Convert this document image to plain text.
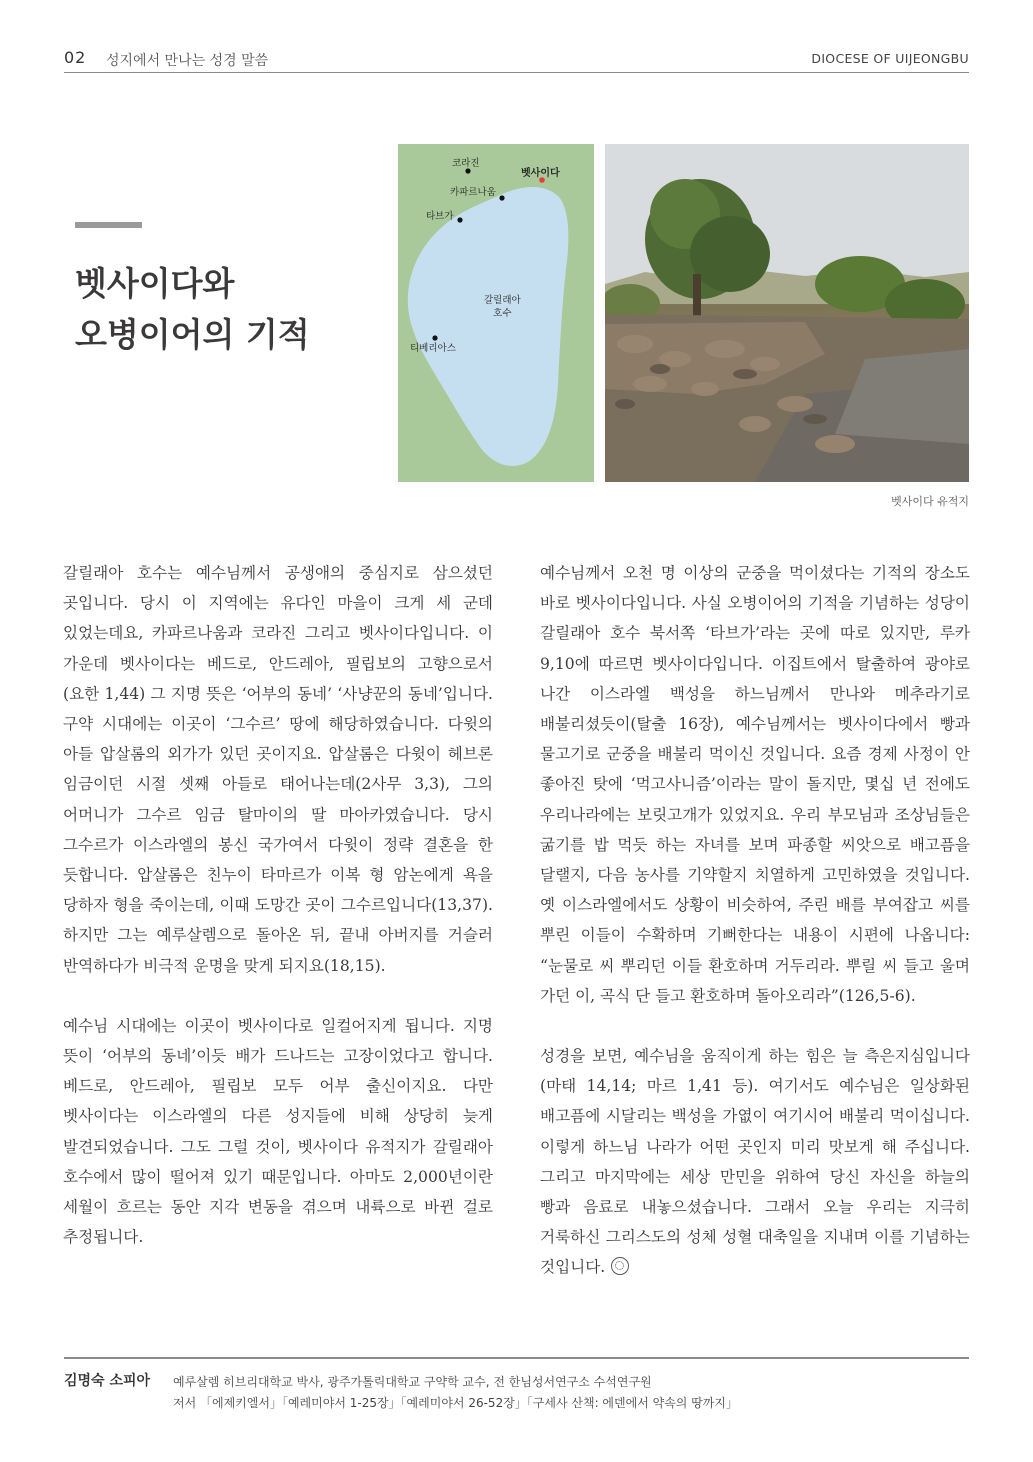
02 성지에서 만나는 성경 말씀	DIOCESE OF UIJEONGBU
벳사이다와
오병이어의 기적
코라진
벳사이다
카파르나움
타브가
갈릴래아
호수
티베리아스
벳사이다 유적지

갈릴래아 호수는 예수님께서 공생애의 중심지로 삼으셨던 곳입니다. 당시 이 지역에는 유다인 마을이 크게 세 군데 있었는데요, 카파르나움과 코라진 그리고 벳사이다입니다. 이 가운데 벳사이다는 베드로, 안드레아, 필립보의 고향으로서(요한 1,44) 그 지명 뜻은 ‘어부의 동네’ ‘사냥꾼의 동네’입니다. 구약 시대에는 이곳이 ‘그수르’ 땅에 해당하였습니다. 다윗의 아들 압살롬의 외가가 있던 곳이지요. 압살롬은 다윗이 헤브론 임금이던 시절 셋째 아들로 태어나는데(2사무 3,3), 그의 어머니가 그수르 임금 탈마이의 딸 마아카였습니다. 당시 그수르가 이스라엘의 봉신 국가여서 다윗이 정략 결혼을 한 듯합니다. 압살롬은 친누이 타마르가 이복 형 암논에게 욕을 당하자 형을 죽이는데, 이때 도망간 곳이 그수르입니다(13,37). 하지만 그는 예루살렘으로 돌아온 뒤, 끝내 아버지를 거슬러 반역하다가 비극적 운명을 맞게 되지요(18,15).

예수님 시대에는 이곳이 벳사이다로 일컬어지게 됩니다. 지명 뜻이 ‘어부의 동네’이듯 배가 드나드는 고장이었다고 합니다. 베드로, 안드레아, 필립보 모두 어부 출신이지요. 다만 벳사이다는 이스라엘의 다른 성지들에 비해 상당히 늦게 발견되었습니다. 그도 그럴 것이, 벳사이다 유적지가 갈릴래아 호수에서 많이 떨어져 있기 때문입니다. 아마도 2,000년이란 세월이 흐르는 동안 지각 변동을 겪으며 내륙으로 바뀐 걸로 추정됩니다.

예수님께서 오천 명 이상의 군중을 먹이셨다는 기적의 장소도 바로 벳사이다입니다. 사실 오병이어의 기적을 기념하는 성당이 갈릴래아 호수 북서쪽 ‘타브가’라는 곳에 따로 있지만, 루카 9,10에 따르면 벳사이다입니다. 이집트에서 탈출하여 광야로 나간 이스라엘 백성을 하느님께서 만나와 메추라기로 배불리셨듯이(탈출 16장), 예수님께서는 벳사이다에서 빵과 물고기로 군중을 배불리 먹이신 것입니다. 요즘 경제 사정이 안 좋아진 탓에 ‘먹고사니즘’이라는 말이 돌지만, 몇십 년 전에도 우리나라에는 보릿고개가 있었지요. 우리 부모님과 조상님들은 굶기를 밥 먹듯 하는 자녀를 보며 파종할 씨앗으로 배고픔을 달랠지, 다음 농사를 기약할지 치열하게 고민하였을 것입니다. 옛 이스라엘에서도 상황이 비슷하여, 주린 배를 부여잡고 씨를 뿌린 이들이 수확하며 기뻐한다는 내용이 시편에 나옵니다: “눈물로 씨 뿌리던 이들 환호하며 거두리라. 뿌릴 씨 들고 울며 가던 이, 곡식 단 들고 환호하며 돌아오리라”(126,5-6).

성경을 보면, 예수님을 움직이게 하는 힘은 늘 측은지심입니다(마태 14,14; 마르 1,41 등). 여기서도 예수님은 일상화된 배고픔에 시달리는 백성을 가엾이 여기시어 배불리 먹이십니다. 이렇게 하느님 나라가 어떤 곳인지 미리 맛보게 해 주십니다. 그리고 마지막에는 세상 만민을 위하여 당신 자신을 하늘의 빵과 음료로 내놓으셨습니다. 그래서 오늘 우리는 지극히 거룩하신 그리스도의 성체 성혈 대축일을 지내며 이를 기념하는 것입니다.

김명숙 소피아 예루살렘 히브리대학교 박사, 광주가톨릭대학교 구약학 교수, 전 한님성서연구소 수석연구원
저서 「에제키엘서」「예레미야서 1-25장」「예레미야서 26-52장」「구세사 산책: 에덴에서 약속의 땅까지」
